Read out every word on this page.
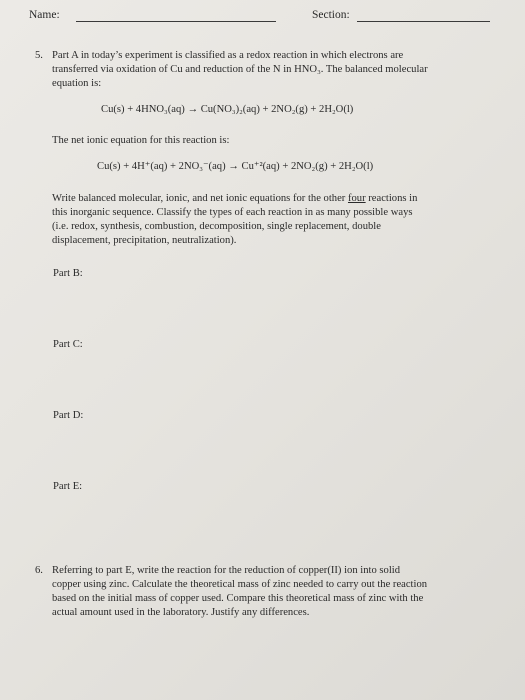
Name:	Section:
5. Part A in today’s experiment is classified as a redox reaction in which electrons are
transferred via oxidation of Cu and reduction of the N in HNO₃. The balanced molecular
equation is:
Cu(s) + 4HNO₃(aq) → Cu(NO₃)₂(aq) + 2NO₂(g) + 2H₂O(l)
The net ionic equation for this reaction is:
Cu(s) + 4H⁺(aq) + 2NO₃⁻(aq) → Cu⁺²(aq) + 2NO₂(g) + 2H₂O(l)
Write balanced molecular, ionic, and net ionic equations for the other four reactions in
this inorganic sequence. Classify the types of each reaction in as many possible ways
(i.e. redox, synthesis, combustion, decomposition, single replacement, double
displacement, precipitation, neutralization).
Part B:
Part C:
Part D:
Part E:
6. Referring to part E, write the reaction for the reduction of copper(II) ion into solid
copper using zinc. Calculate the theoretical mass of zinc needed to carry out the reaction
based on the initial mass of copper used. Compare this theoretical mass of zinc with the
actual amount used in the laboratory. Justify any differences.
